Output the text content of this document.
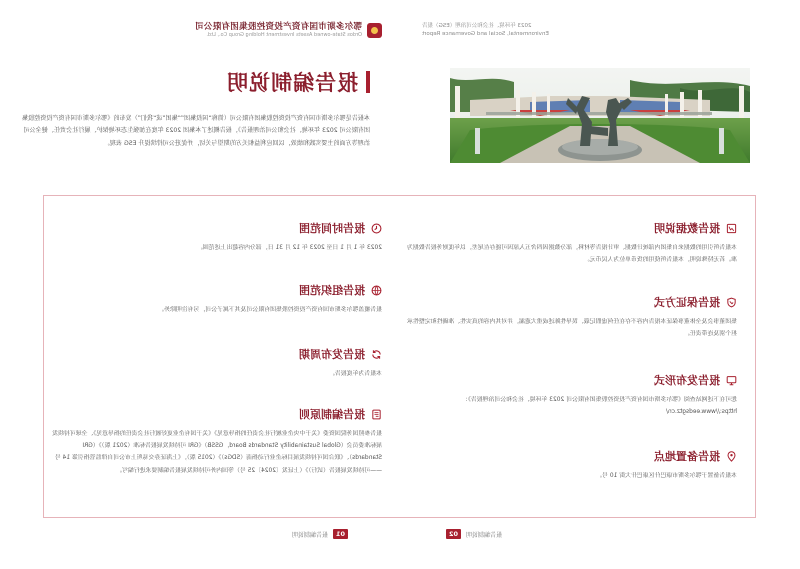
鄂尔多斯市国有资产投资控股集团有限公司
Ordos State-owned Assets Investment Holding Group Co., Ltd.
报告编制说明

本报告是鄂尔多斯市国有资产投资控股集团有限公司（简称“国投集团”“集团”或“我们”）发布的《鄂尔多斯市国有资产投资控股集团有限公司 2023 年环境、社会和公司治理报告》，报告概述了本集团 2023 年度在加强生态环境保护、履行社会责任、健全公司治理等方面的主要实践和绩效，以回应利益相关方的期望与关切，并促进公司持续提升 ESG 表现。

报告时间范围

2023 年 1 月 1 日至 2023 年 12 月 31 日，部分内容超出上述范围。

报告组织范围

报告覆盖鄂尔多斯市国有资产投资控股集团有限公司及其下属子公司，另有注明除外。

报告发布周期

本报告为年度报告。

报告编制原则

报告参照国务院国资委《关于中央企业履行社会责任的指导意见》《关于国有企业更好履行社会责任的指导意见》、全球可持续发展标准委员会（Global Sustainability Standards Board，GSSB）《GRI 可持续发展报告标准（2021 版）》（GRI Standards）、《联合国可持续发展目标企业行动指南（SDGs）》（2015 版），《上海证券交易所上市公司自律监管指引第 14 号——可持续发展报告（试行）》（上证发〔2024〕25 号）等国内外可持续发展报告编制要求进行编写。

01
报告编制说明
2023 年环境、社会和公司治理（ESG）报告
Environmental, Social and Governance Report
报告数据说明

本报告所引用的数据来自集团内部统计数据、审计报告等材料，部分数据因四舍五入原因可能存在尾差，以年度财务报告数据为准。若无特殊说明，本报告所使用的货币单位为人民币元。

报告保证方式

集团董事会及全体董事保证本报告内容不存在任何虚假记载、误导性陈述或重大遗漏，并对其内容的真实性、准确性和完整性承担个别及连带责任。

报告发布形式

您可在下述网站查阅《鄂尔多斯市国有资产投资控股集团有限公司 2023 年环境、社会和公司治理报告》：https://www.eedsgtz.cn/

报告备置地点

本报告备置于鄂尔多斯市康巴什区康巴什大街 10 号。

报告编制说明
02
